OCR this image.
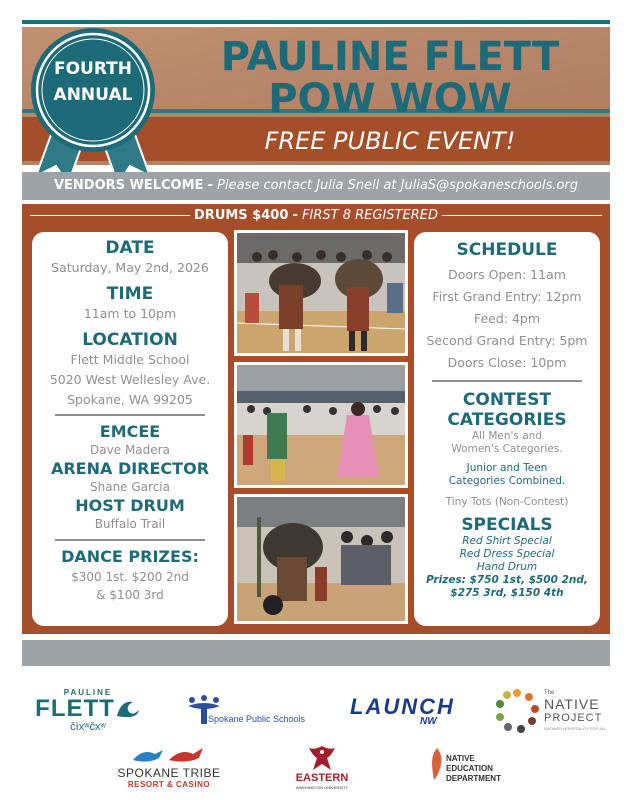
PAULINE FLETT
POW WOW
FREE PUBLIC EVENT!
FOURTH
ANNUAL
VENDORS WELCOME - Please contact Julia Snell at JuliaS@spokaneschools.org
DRUMS $400 - FIRST 8 REGISTERED
DATE
Saturday, May 2nd, 2026
TIME
11am to 10pm
LOCATION
Flett Middle School
5020 West Wellesley Ave.
Spokane, WA 99205
EMCEE
Dave Madera
ARENA DIRECTOR
Shane Garcia
HOST DRUM
Buffalo Trail
DANCE PRIZES:
$300 1st. $200 2nd
& $100 3rd
SCHEDULE
Doors Open: 11am
First Grand Entry: 12pm
Feed: 4pm
Second Grand Entry: 5pm
Doors Close: 10pm
CONTEST
CATEGORIES
All Men's and
Women's Categories.
Junior and Teen
Categories Combined.
Tiny Tots (Non-Contest)
SPECIALS
Red Shirt Special
Red Dress Special
Hand Drum
Prizes: $750 1st, $500 2nd,
$275 3rd, $150 4th
PAULINE
FLETT
čìxʷčxʷ
Spokane Public Schools LAUNCH
NW
The
NATIVE
PROJECT
SHOWER HOSPITALITY FOR ALL
SPOKANE TRIBE
RESORT & CASINO
EASTERN
WASHINGTON UNIVERSITY
NATIVE
EDUCATION
DEPARTMENT
